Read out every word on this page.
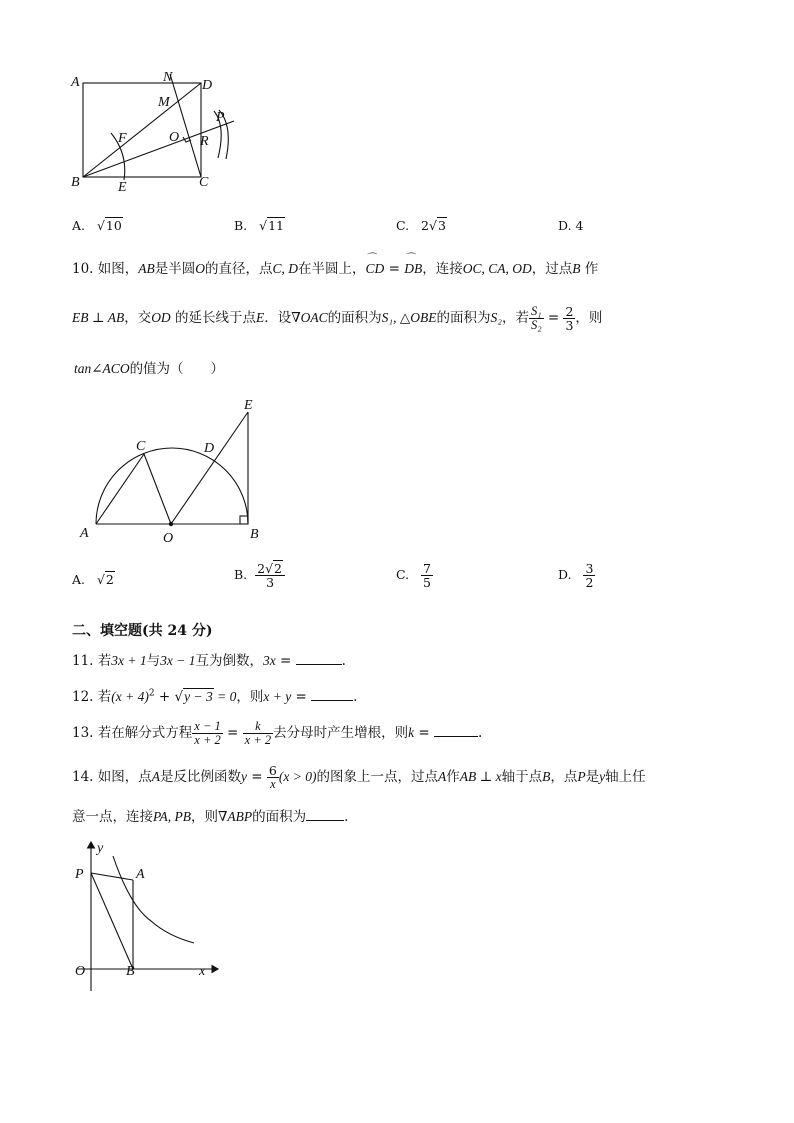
A	N
D
M
P
F	O R
B	E	C
A. √10	B. √11	C. 2√3	D. 4
10. 如图，AB是半圆O的直径，点C, D在半圆上，
⌒
CD =
⌒
DB，连接OC, CA, OD，过点B 作
EB ⊥ AB，交OD 的延长线于点E．设∇OAC的面积为S₁, △OBE的面积为S₂，若 $\frac{\text{S₁}}{\text{S₂}} = \frac{2}{3}$ ，则
tan∠ACO的值为（　　）
E
C	D
A	O	B
A. √2	B. $\frac{2√2}{3}$	C. $\frac{7}{5}$	D. $\frac{3}{2}$
二、填空题(共 24 分)
11. 若3x + 1与3x − 1互为倒数，3x =	.
12. 若$(x + 4)^2 + √y - 3 = 0$，则x + y =	.
13. 若在解分式方程 $\frac{x - 1}{x + 2} = \frac{k}{x + 2}$ 去分母时产生增根，则k =	.
14. 如图，点A是反比例函数$y = \frac{6}{x} (x > 0)$的图象上一点，过点A作AB ⊥ x轴于点B，点P是y轴上任
意一点，连接PA, PB，则∇ABP的面积为	.
y
P	A
O	B	x
